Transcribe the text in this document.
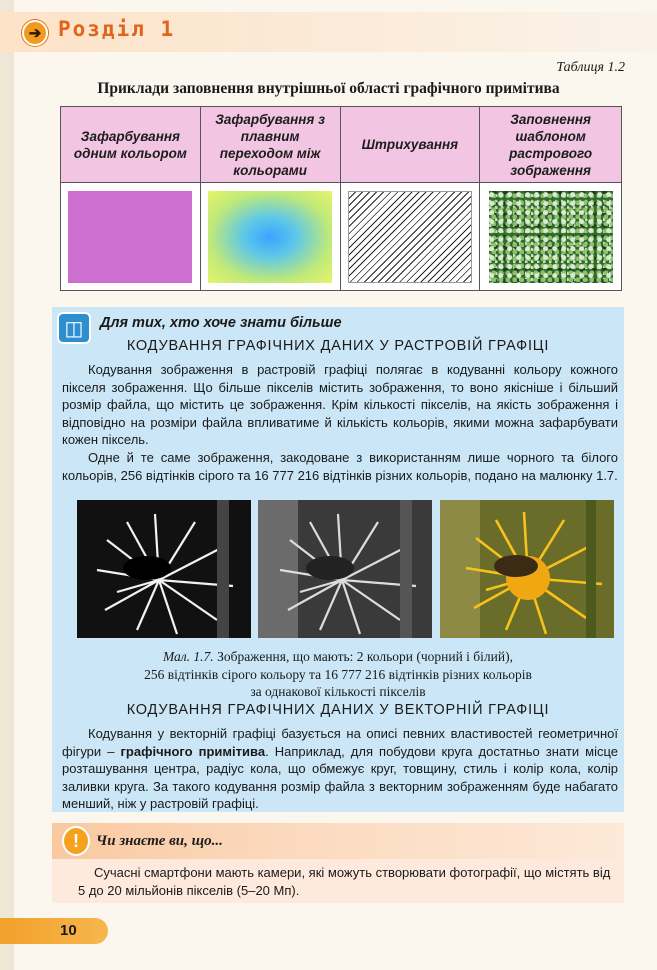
➔ Розділ 1
Таблиця 1.2
Приклади заповнення внутрішньої області графічного примітива
Зафарбування одним кольором	Зафарбування з плавним переходом між кольорами	Штрихування	Заповнення шаблоном растрового зображення

◫	Для тих, хто хоче знати більше
КОДУВАННЯ ГРАФІЧНИХ ДАНИХ У РАСТРОВІЙ ГРАФІЦІ

Кодування зображення в растровій графіці полягає в кодуванні кольору кожного пікселя зображення. Що більше пікселів містить зображення, то воно якісніше і більший розмір файла, що містить це зображення. Крім кількості пікселів, на якість зображення і відповідно на розміри файла впливатиме й кількість кольорів, якими можна зафарбувати кожен піксель.

Одне й те саме зображення, закодоване з використанням лише чорного та білого кольорів, 256 відтінків сірого та 16 777 216 відтінків різних кольорів, подано на малюнку 1.7.

Мал. 1.7. Зображення, що мають: 2 кольори (чорний і білий),
256 відтінків сірого кольору та 16 777 216 відтінків різних кольорів
за однакової кількості пікселів
КОДУВАННЯ ГРАФІЧНИХ ДАНИХ У ВЕКТОРНІЙ ГРАФІЦІ

Кодування у векторній графіці базується на описі певних властивостей геометричної фігури – графічного примітива. Наприклад, для побудови круга достатньо знати місце розташування центра, радіус кола, що обмежує круг, товщину, стиль і колір кола, колір заливки круга. За такого кодування розмір файла з векторним зображенням буде набагато менший, ніж у растровій графіці.

!	Чи знаєте ви, що...
Сучасні смартфони мають камери, які можуть створювати фотографії, що містять від 5 до 20 мільйонів пікселів (5–20 Мп).
10
